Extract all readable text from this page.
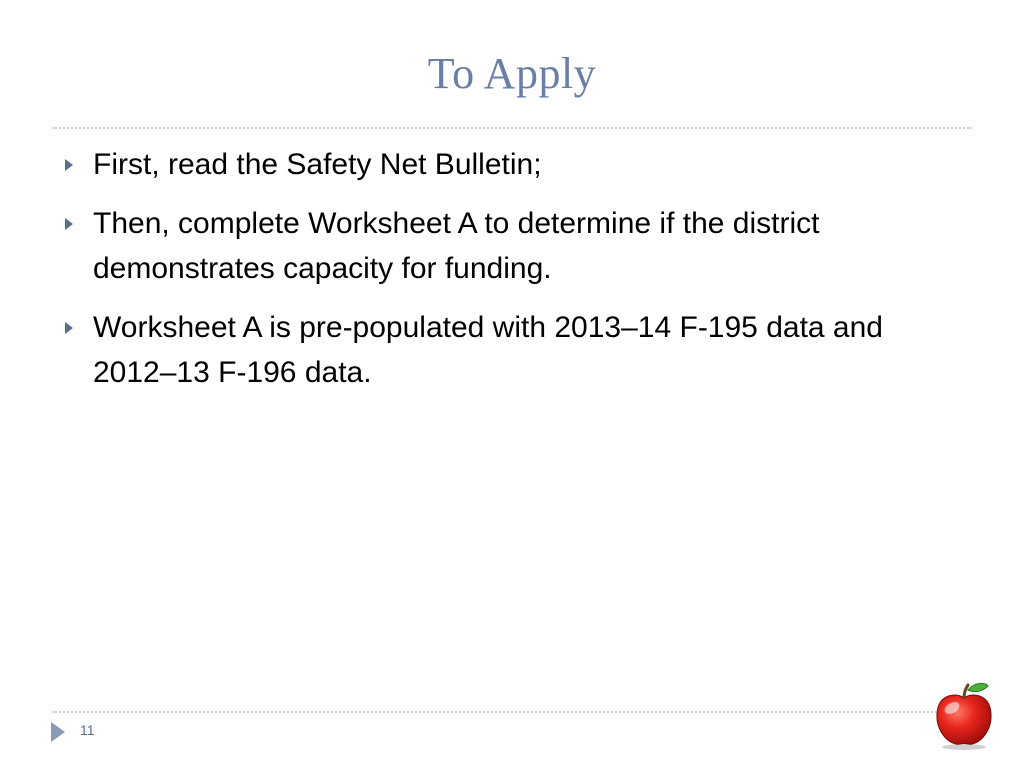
To Apply
First, read the Safety Net Bulletin;
Then, complete Worksheet A to determine if the district demonstrates capacity for funding.
Worksheet A is pre-populated with 2013–14 F-195 data and 2012–13 F-196 data.
11
